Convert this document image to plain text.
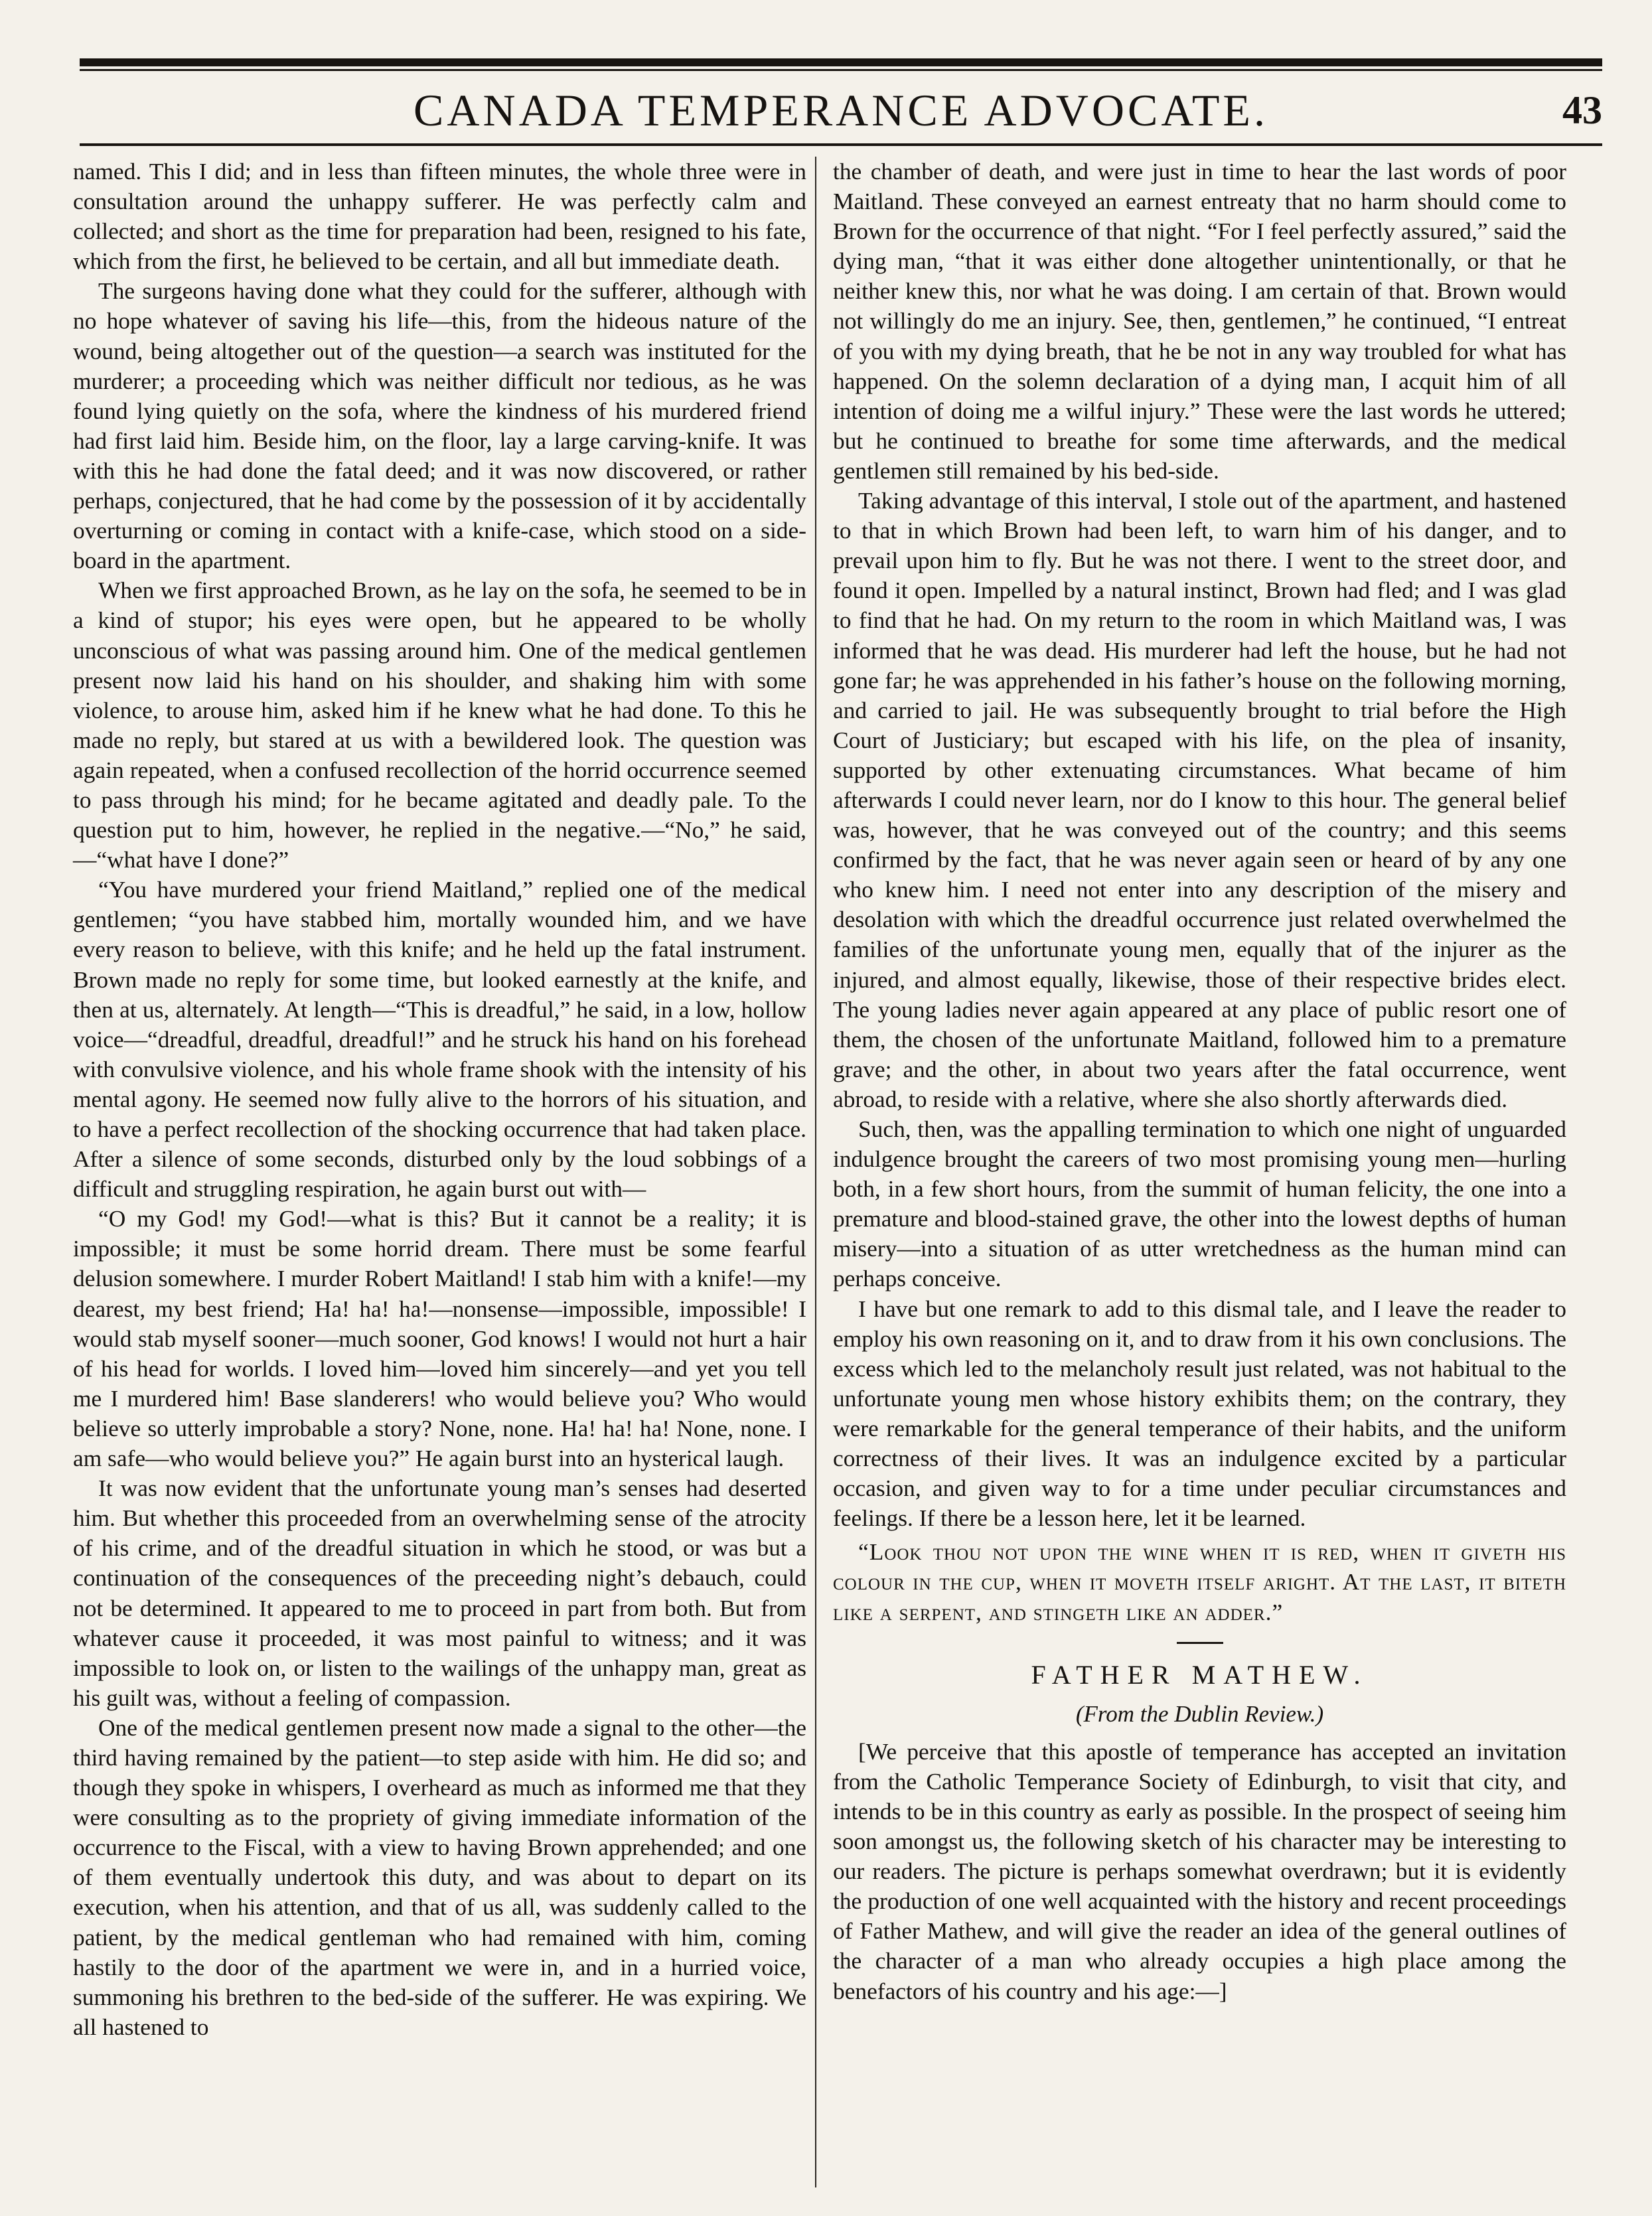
CANADA TEMPERANCE ADVOCATE.	43

named. This I did; and in less than fifteen minutes, the whole three were in consultation around the unhappy sufferer. He was perfectly calm and collected; and short as the time for preparation had been, resigned to his fate, which from the first, he believed to be certain, and all but immediate death.

The surgeons having done what they could for the sufferer, although with no hope whatever of saving his life—this, from the hideous nature of the wound, being altogether out of the question—a search was instituted for the murderer; a proceeding which was neither difficult nor tedious, as he was found lying quietly on the sofa, where the kindness of his murdered friend had first laid him. Beside him, on the floor, lay a large carving-knife. It was with this he had done the fatal deed; and it was now discovered, or rather perhaps, conjectured, that he had come by the possession of it by accidentally overturning or coming in contact with a knife-case, which stood on a side-board in the apartment.

When we first approached Brown, as he lay on the sofa, he seemed to be in a kind of stupor; his eyes were open, but he appeared to be wholly unconscious of what was passing around him. One of the medical gentlemen present now laid his hand on his shoulder, and shaking him with some violence, to arouse him, asked him if he knew what he had done. To this he made no reply, but stared at us with a bewildered look. The question was again repeated, when a confused recollection of the horrid occurrence seemed to pass through his mind; for he became agitated and deadly pale. To the question put to him, however, he replied in the negative.—“No,” he said,—“what have I done?”

“You have murdered your friend Maitland,” replied one of the medical gentlemen; “you have stabbed him, mortally wounded him, and we have every reason to believe, with this knife; and he held up the fatal instrument. Brown made no reply for some time, but looked earnestly at the knife, and then at us, alternately. At length—“This is dreadful,” he said, in a low, hollow voice—“dreadful, dreadful, dreadful!” and he struck his hand on his forehead with convulsive violence, and his whole frame shook with the intensity of his mental agony. He seemed now fully alive to the horrors of his situation, and to have a perfect recollection of the shocking occurrence that had taken place. After a silence of some seconds, disturbed only by the loud sobbings of a difficult and struggling respiration, he again burst out with—

“O my God! my God!—what is this? But it cannot be a reality; it is impossible; it must be some horrid dream. There must be some fearful delusion somewhere. I murder Robert Maitland! I stab him with a knife!—my dearest, my best friend; Ha! ha! ha!—nonsense—impossible, impossible! I would stab myself sooner—much sooner, God knows! I would not hurt a hair of his head for worlds. I loved him—loved him sincerely—and yet you tell me I murdered him! Base slanderers! who would believe you? Who would believe so utterly improbable a story? None, none. Ha! ha! ha! None, none. I am safe—who would believe you?” He again burst into an hysterical laugh.

It was now evident that the unfortunate young man’s senses had deserted him. But whether this proceeded from an overwhelming sense of the atrocity of his crime, and of the dreadful situation in which he stood, or was but a continuation of the consequences of the preceeding night’s debauch, could not be determined. It appeared to me to proceed in part from both. But from whatever cause it proceeded, it was most painful to witness; and it was impossible to look on, or listen to the wailings of the unhappy man, great as his guilt was, without a feeling of compassion.

One of the medical gentlemen present now made a signal to the other—the third having remained by the patient—to step aside with him. He did so; and though they spoke in whispers, I overheard as much as informed me that they were consulting as to the propriety of giving immediate information of the occurrence to the Fiscal, with a view to having Brown apprehended; and one of them eventually undertook this duty, and was about to depart on its execution, when his attention, and that of us all, was suddenly called to the patient, by the medical gentleman who had remained with him, coming hastily to the door of the apartment we were in, and in a hurried voice, summoning his brethren to the bed-side of the sufferer. He was expiring. We all hastened to

the chamber of death, and were just in time to hear the last words of poor Maitland. These conveyed an earnest entreaty that no harm should come to Brown for the occurrence of that night. “For I feel perfectly assured,” said the dying man, “that it was either done altogether unintentionally, or that he neither knew this, nor what he was doing. I am certain of that. Brown would not willingly do me an injury. See, then, gentlemen,” he continued, “I entreat of you with my dying breath, that he be not in any way troubled for what has happened. On the solemn declaration of a dying man, I acquit him of all intention of doing me a wilful injury.” These were the last words he uttered; but he continued to breathe for some time afterwards, and the medical gentlemen still remained by his bed-side.

Taking advantage of this interval, I stole out of the apartment, and hastened to that in which Brown had been left, to warn him of his danger, and to prevail upon him to fly. But he was not there. I went to the street door, and found it open. Impelled by a natural instinct, Brown had fled; and I was glad to find that he had. On my return to the room in which Maitland was, I was informed that he was dead. His murderer had left the house, but he had not gone far; he was apprehended in his father’s house on the following morning, and carried to jail. He was subsequently brought to trial before the High Court of Justiciary; but escaped with his life, on the plea of insanity, supported by other extenuating circumstances. What became of him afterwards I could never learn, nor do I know to this hour. The general belief was, however, that he was conveyed out of the country; and this seems confirmed by the fact, that he was never again seen or heard of by any one who knew him. I need not enter into any description of the misery and desolation with which the dreadful occurrence just related overwhelmed the families of the unfortunate young men, equally that of the injurer as the injured, and almost equally, likewise, those of their respective brides elect. The young ladies never again appeared at any place of public resort one of them, the chosen of the unfortunate Maitland, followed him to a premature grave; and the other, in about two years after the fatal occurrence, went abroad, to reside with a relative, where she also shortly afterwards died.

Such, then, was the appalling termination to which one night of unguarded indulgence brought the careers of two most promising young men—hurling both, in a few short hours, from the summit of human felicity, the one into a premature and blood-stained grave, the other into the lowest depths of human misery—into a situation of as utter wretchedness as the human mind can perhaps conceive.

I have but one remark to add to this dismal tale, and I leave the reader to employ his own reasoning on it, and to draw from it his own conclusions. The excess which led to the melancholy result just related, was not habitual to the unfortunate young men whose history exhibits them; on the contrary, they were remarkable for the general temperance of their habits, and the uniform correctness of their lives. It was an indulgence excited by a particular occasion, and given way to for a time under peculiar circumstances and feelings. If there be a lesson here, let it be learned.

“Look thou not upon the wine when it is red, when it giveth his colour in the cup, when it moveth itself aright. At the last, it biteth like a serpent, and stingeth like an adder.”

FATHER MATHEW.
(From the Dublin Review.)

[We perceive that this apostle of temperance has accepted an invitation from the Catholic Temperance Society of Edinburgh, to visit that city, and intends to be in this country as early as possible. In the prospect of seeing him soon amongst us, the following sketch of his character may be interesting to our readers. The picture is perhaps somewhat overdrawn; but it is evidently the production of one well acquainted with the history and recent proceedings of Father Mathew, and will give the reader an idea of the general outlines of the character of a man who already occupies a high place among the benefactors of his country and his age:—]
